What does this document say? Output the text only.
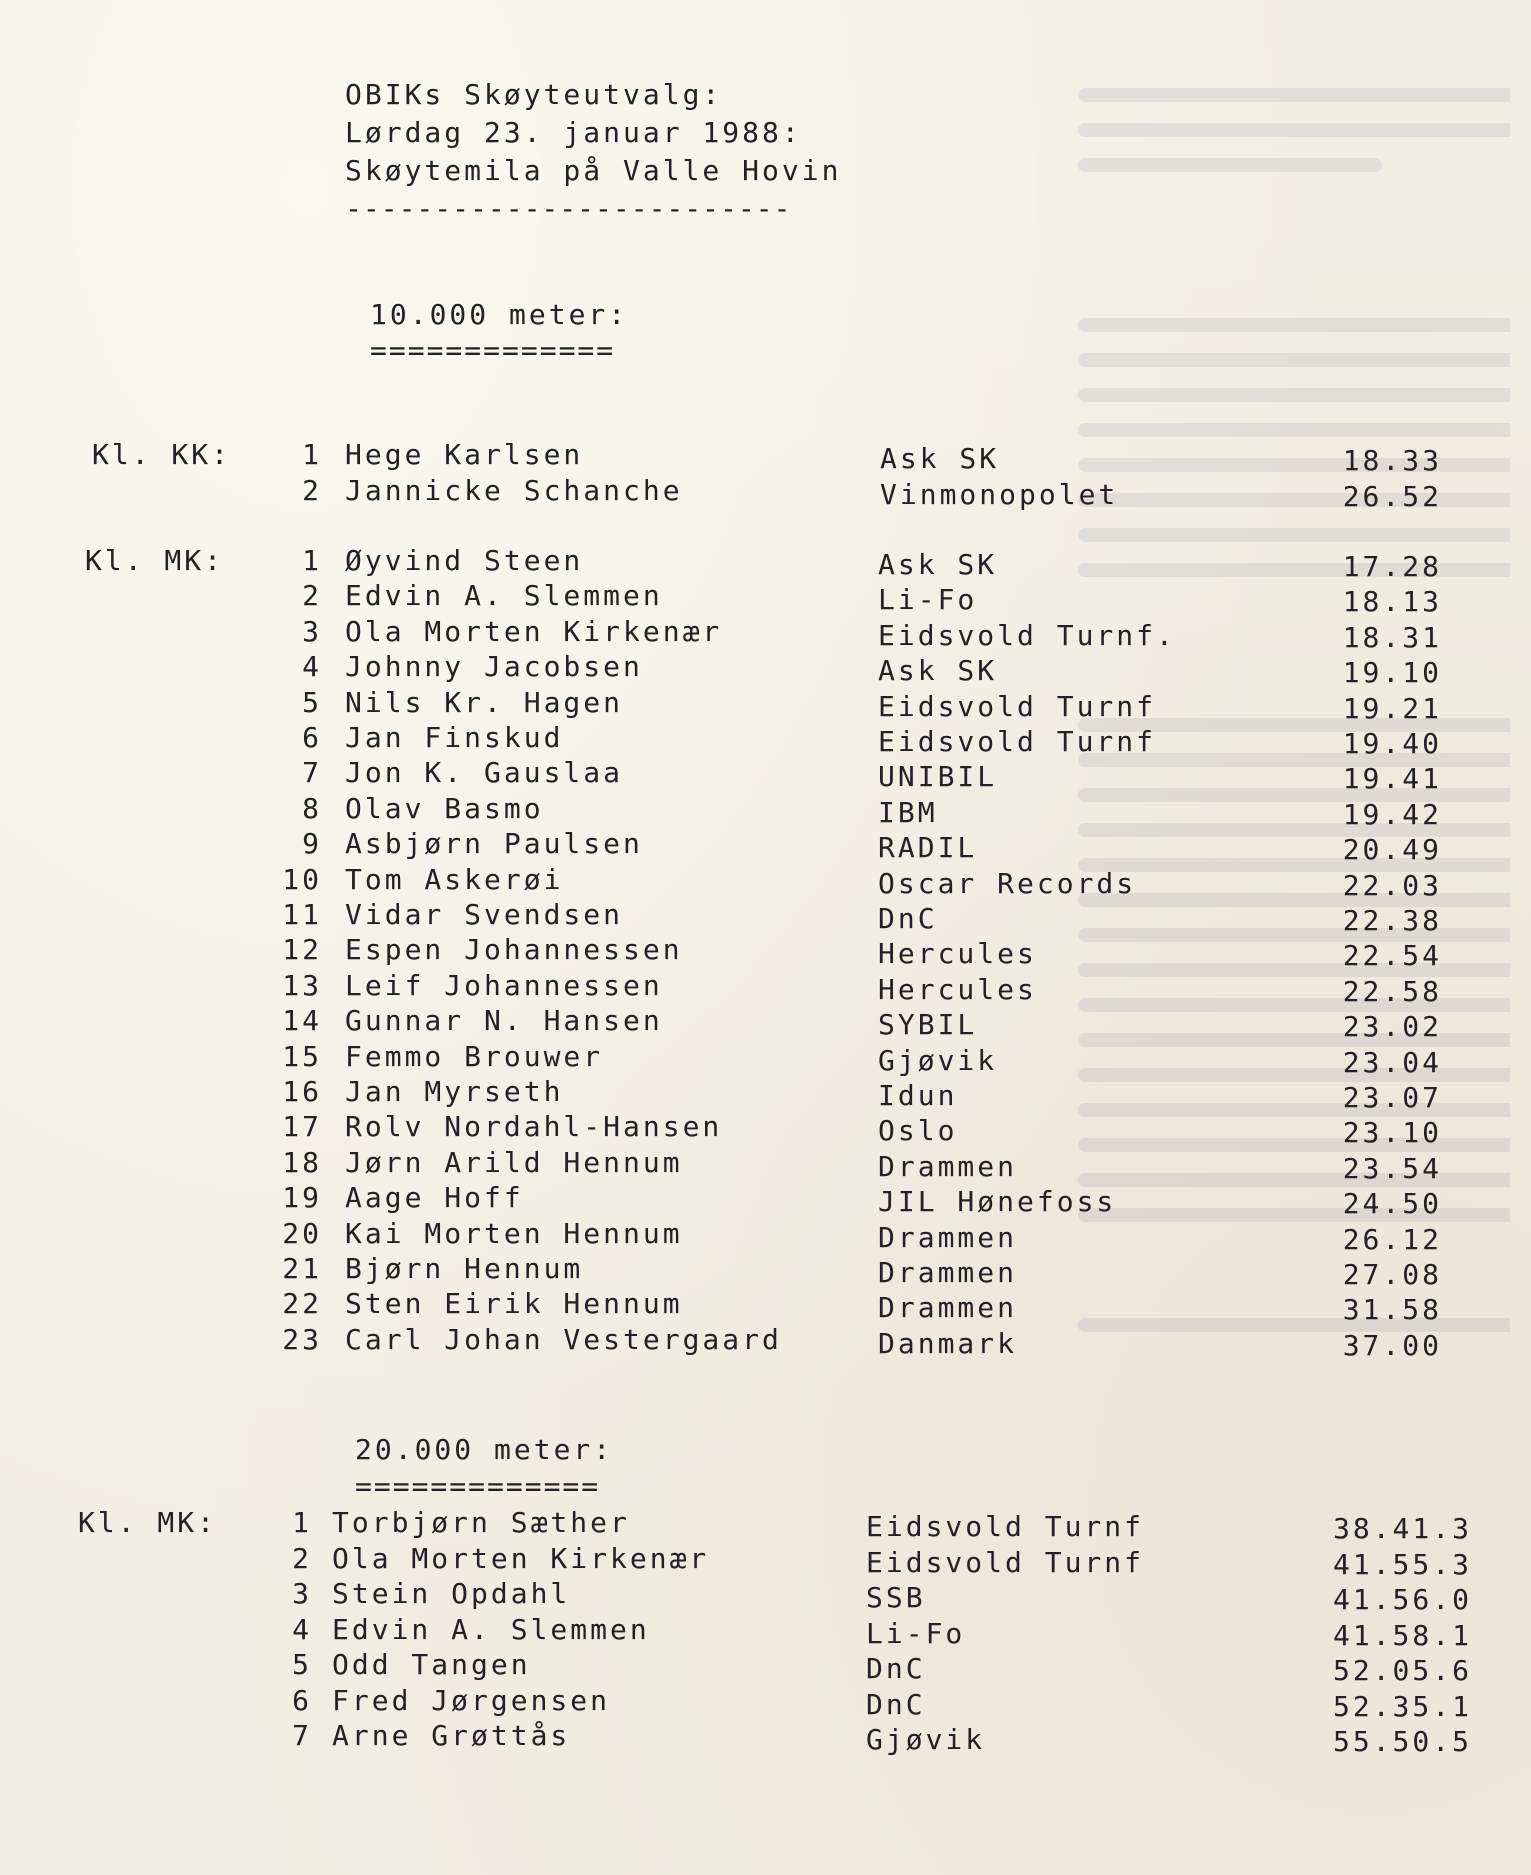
OBIKs Skøyteutvalg:
Lørdag 23. januar 1988:
Skøytemila på Valle Hovin
-------------------------
10.000 meter:
=============
Kl. KK:	1 Hege Karlsen	Ask SK	18.33
2 Jannicke Schanche	Vinmonopolet	26.52
Kl. MK:	1 Øyvind Steen	Ask SK	17.28
2 Edvin A. Slemmen	Li-Fo	18.13
3 Ola Morten Kirkenær	Eidsvold Turnf.	18.31
4 Johnny Jacobsen	Ask SK	19.10
5 Nils Kr. Hagen	Eidsvold Turnf	19.21
6 Jan Finskud	Eidsvold Turnf	19.40
7 Jon K. Gauslaa	UNIBIL	19.41
8 Olav Basmo	IBM	19.42
9 Asbjørn Paulsen	RADIL	20.49
10 Tom Askerøi	Oscar Records	22.03
11 Vidar Svendsen	DnC	22.38
12 Espen Johannessen	Hercules	22.54
13 Leif Johannessen	Hercules	22.58
14 Gunnar N. Hansen	SYBIL	23.02
15 Femmo Brouwer	Gjøvik	23.04
16 Jan Myrseth	Idun	23.07
17 Rolv Nordahl-Hansen	Oslo	23.10
18 Jørn Arild Hennum	Drammen	23.54
19 Aage Hoff	JIL Hønefoss	24.50
20 Kai Morten Hennum	Drammen	26.12
21 Bjørn Hennum	Drammen	27.08
22 Sten Eirik Hennum	Drammen	31.58
23 Carl Johan Vestergaard	Danmark	37.00
20.000 meter:
=============
Kl. MK:	1 Torbjørn Sæther	Eidsvold Turnf	38.41.3
2 Ola Morten Kirkenær	Eidsvold Turnf	41.55.3
3 Stein Opdahl	SSB	41.56.0
4 Edvin A. Slemmen	Li-Fo	41.58.1
5 Odd Tangen	DnC	52.05.6
6 Fred Jørgensen	DnC	52.35.1
7 Arne Grøttås	Gjøvik	55.50.5
